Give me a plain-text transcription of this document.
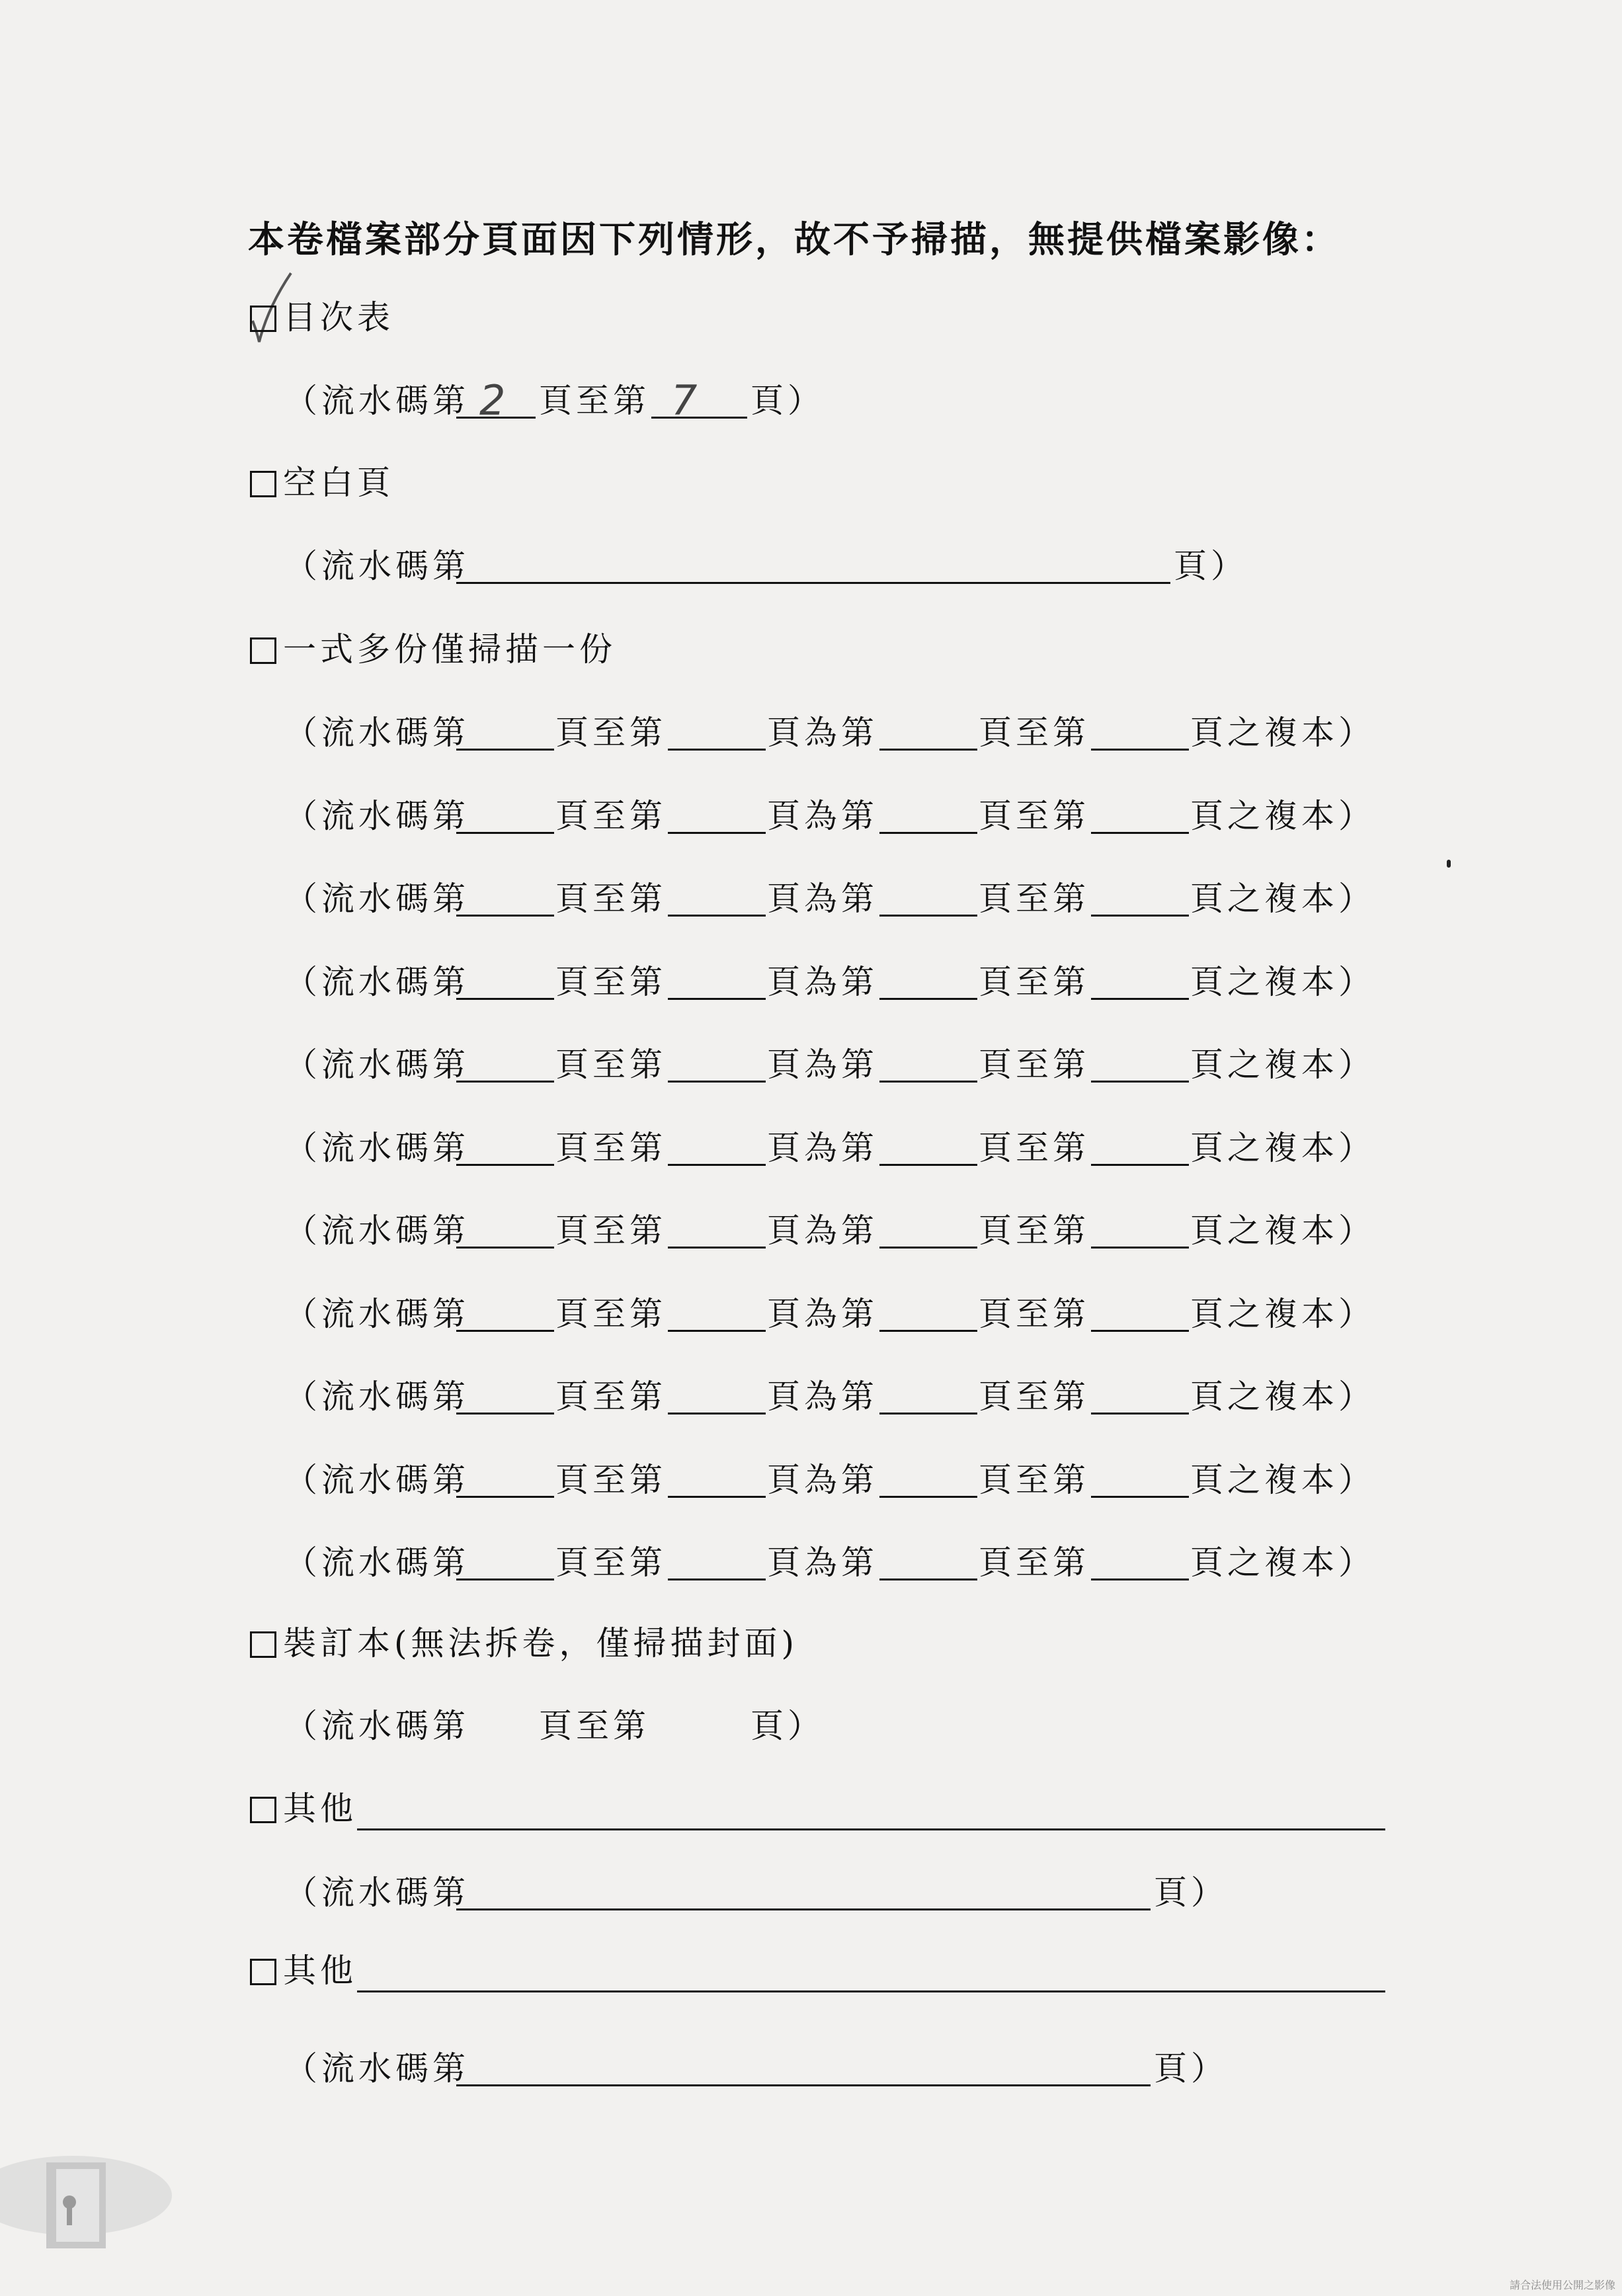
本卷檔案部分頁面因下列情形，故不予掃描，無提供檔案影像：
目次表
（流水碼第 2 頁至第 7 頁）
空白頁
（流水碼第	頁）
一式多份僅掃描一份
（流水碼第	頁至第	頁為第	頁至第	頁之複本）
（流水碼第	頁至第	頁為第	頁至第	頁之複本）
（流水碼第	頁至第	頁為第	頁至第	頁之複本）
（流水碼第	頁至第	頁為第	頁至第	頁之複本）
（流水碼第	頁至第	頁為第	頁至第	頁之複本）
（流水碼第	頁至第	頁為第	頁至第	頁之複本）
（流水碼第	頁至第	頁為第	頁至第	頁之複本）
（流水碼第	頁至第	頁為第	頁至第	頁之複本）
（流水碼第	頁至第	頁為第	頁至第	頁之複本）
（流水碼第	頁至第	頁為第	頁至第	頁之複本）
（流水碼第	頁至第	頁為第	頁至第	頁之複本）
裝訂本(無法拆卷，僅掃描封面)
（流水碼第 頁至第	頁）
其他
（流水碼第	頁）
其他
（流水碼第	頁）
請合法使用公開之影像
